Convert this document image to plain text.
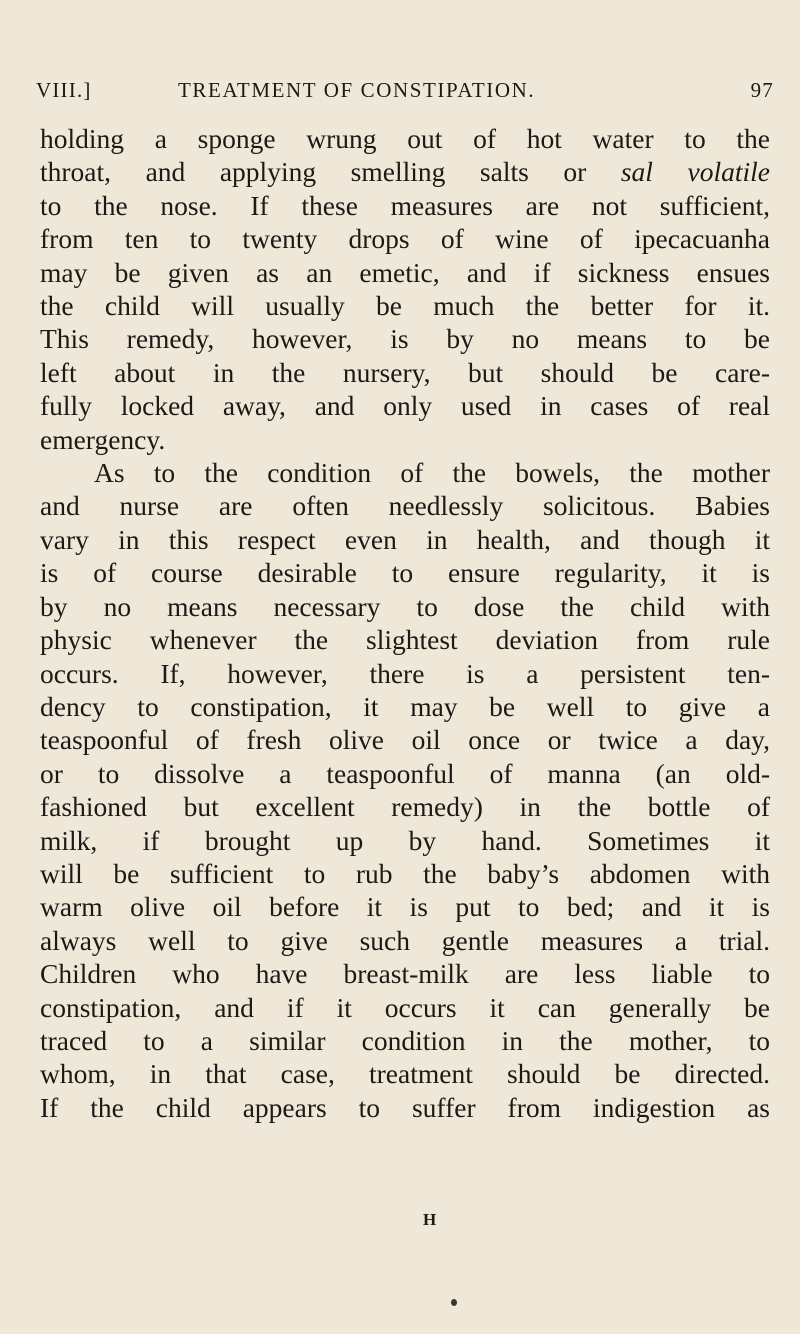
VIII.]	TREATMENT OF CONSTIPATION.	97
holding a sponge wrung out of hot water to the
throat, and applying smelling salts or sal volatile
to the nose. If these measures are not sufficient,
from ten to twenty drops of wine of ipecacuanha
may be given as an emetic, and if sickness ensues
the child will usually be much the better for it.
This remedy, however, is by no means to be
left about in the nursery, but should be care-
fully locked away, and only used in cases of real
emergency.
As to the condition of the bowels, the mother
and nurse are often needlessly solicitous. Babies
vary in this respect even in health, and though it
is of course desirable to ensure regularity, it is
by no means necessary to dose the child with
physic whenever the slightest deviation from rule
occurs. If, however, there is a persistent ten-
dency to constipation, it may be well to give a
teaspoonful of fresh olive oil once or twice a day,
or to dissolve a teaspoonful of manna (an old-
fashioned but excellent remedy) in the bottle of
milk, if brought up by hand. Sometimes it
will be sufficient to rub the baby’s abdomen with
warm olive oil before it is put to bed; and it is
always well to give such gentle measures a trial.
Children who have breast-milk are less liable to
constipation, and if it occurs it can generally be
traced to a similar condition in the mother, to
whom, in that case, treatment should be directed.
If the child appears to suffer from indigestion as
H
